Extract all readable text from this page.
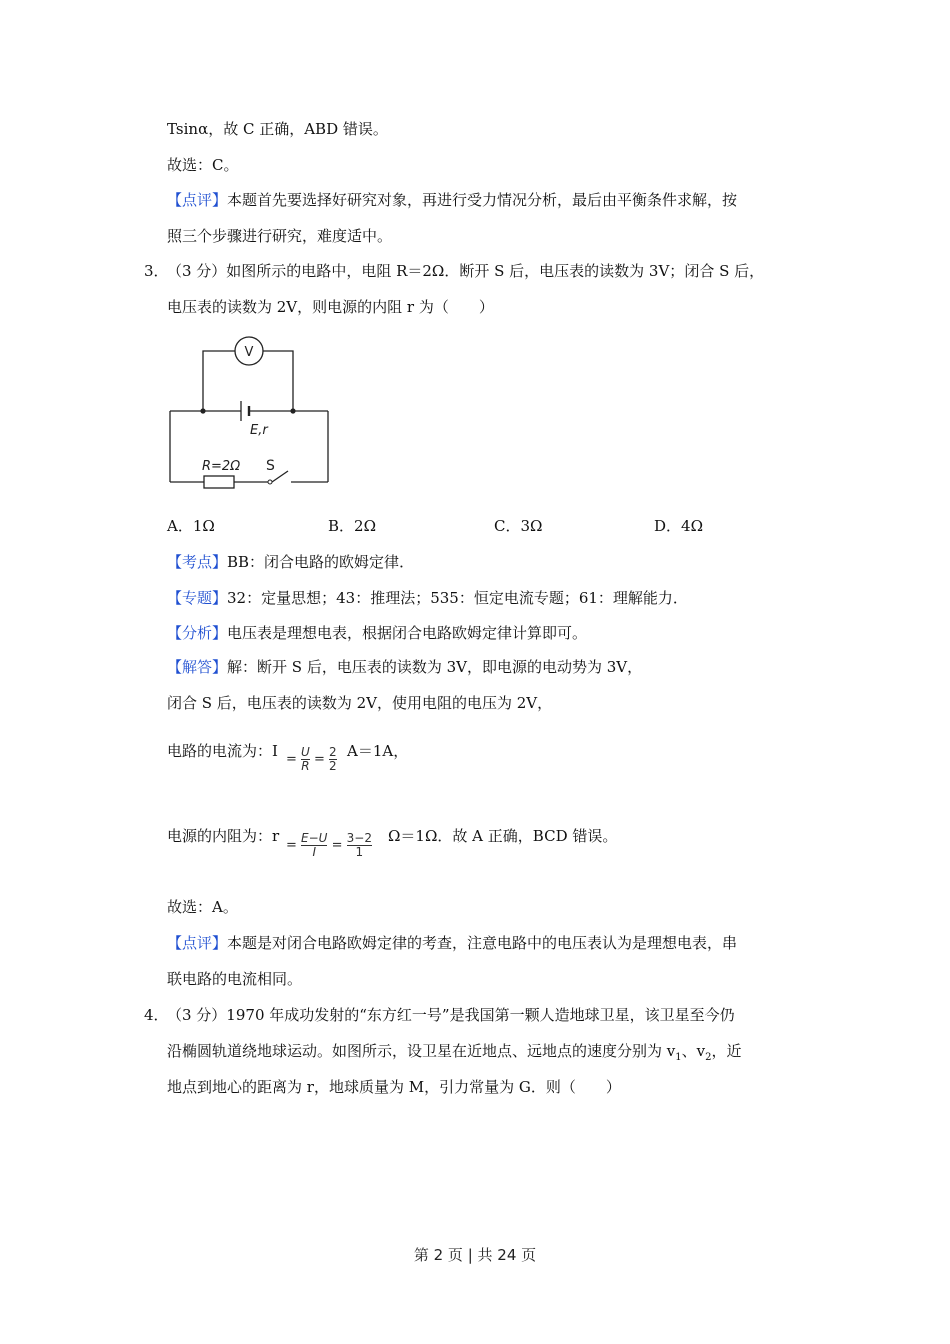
Tsinα，故 C 正确，ABD 错误。
故选：C。
【点评】本题首先要选择好研究对象，再进行受力情况分析，最后由平衡条件求解，按
照三个步骤进行研究，难度适中。
3．
（3 分）如图所示的电路中，电阻 R＝2Ω．断开 S 后，电压表的读数为 3V；闭合 S 后，
电压表的读数为 2V，则电源的内阻 r 为（　　）
V
E,r
R=2Ω S
A．1Ω	B．2Ω	C．3Ω	D．4Ω
【考点】BB：闭合电路的欧姆定律．
【专题】32：定量思想；43：推理法；535：恒定电流专题；61：理解能力．
【分析】电压表是理想电表，根据闭合电路欧姆定律计算即可。
【解答】解：断开 S 后，电压表的读数为 3V，即电源的电动势为 3V，
闭合 S 后，电压表的读数为 2V，使用电阻的电压为 2V，
电路的电流为：$I = \frac{U}{R} = \frac{2}{2} A=1A$，
电源的内阻为：r
= $\frac{E-U}{I} = \frac{3-2}{1} \Omega=1\Omega$．故 A 正确，BCD 错误。
故选：A。
【点评】本题是对闭合电路欧姆定律的考查，注意电路中的电压表认为是理想电表，串
联电路的电流相同。
4．
（3 分）1970 年成功发射的“东方红一号”是我国第一颗人造地球卫星，该卫星至今仍
沿椭圆轨道绕地球运动。如图所示，设卫星在近地点、远地点的速度分别为 $v_1$、$v_2$，近
地点到地心的距离为 r，地球质量为 M，引力常量为 G．则（　　）
第 2 页 | 共 24 页
